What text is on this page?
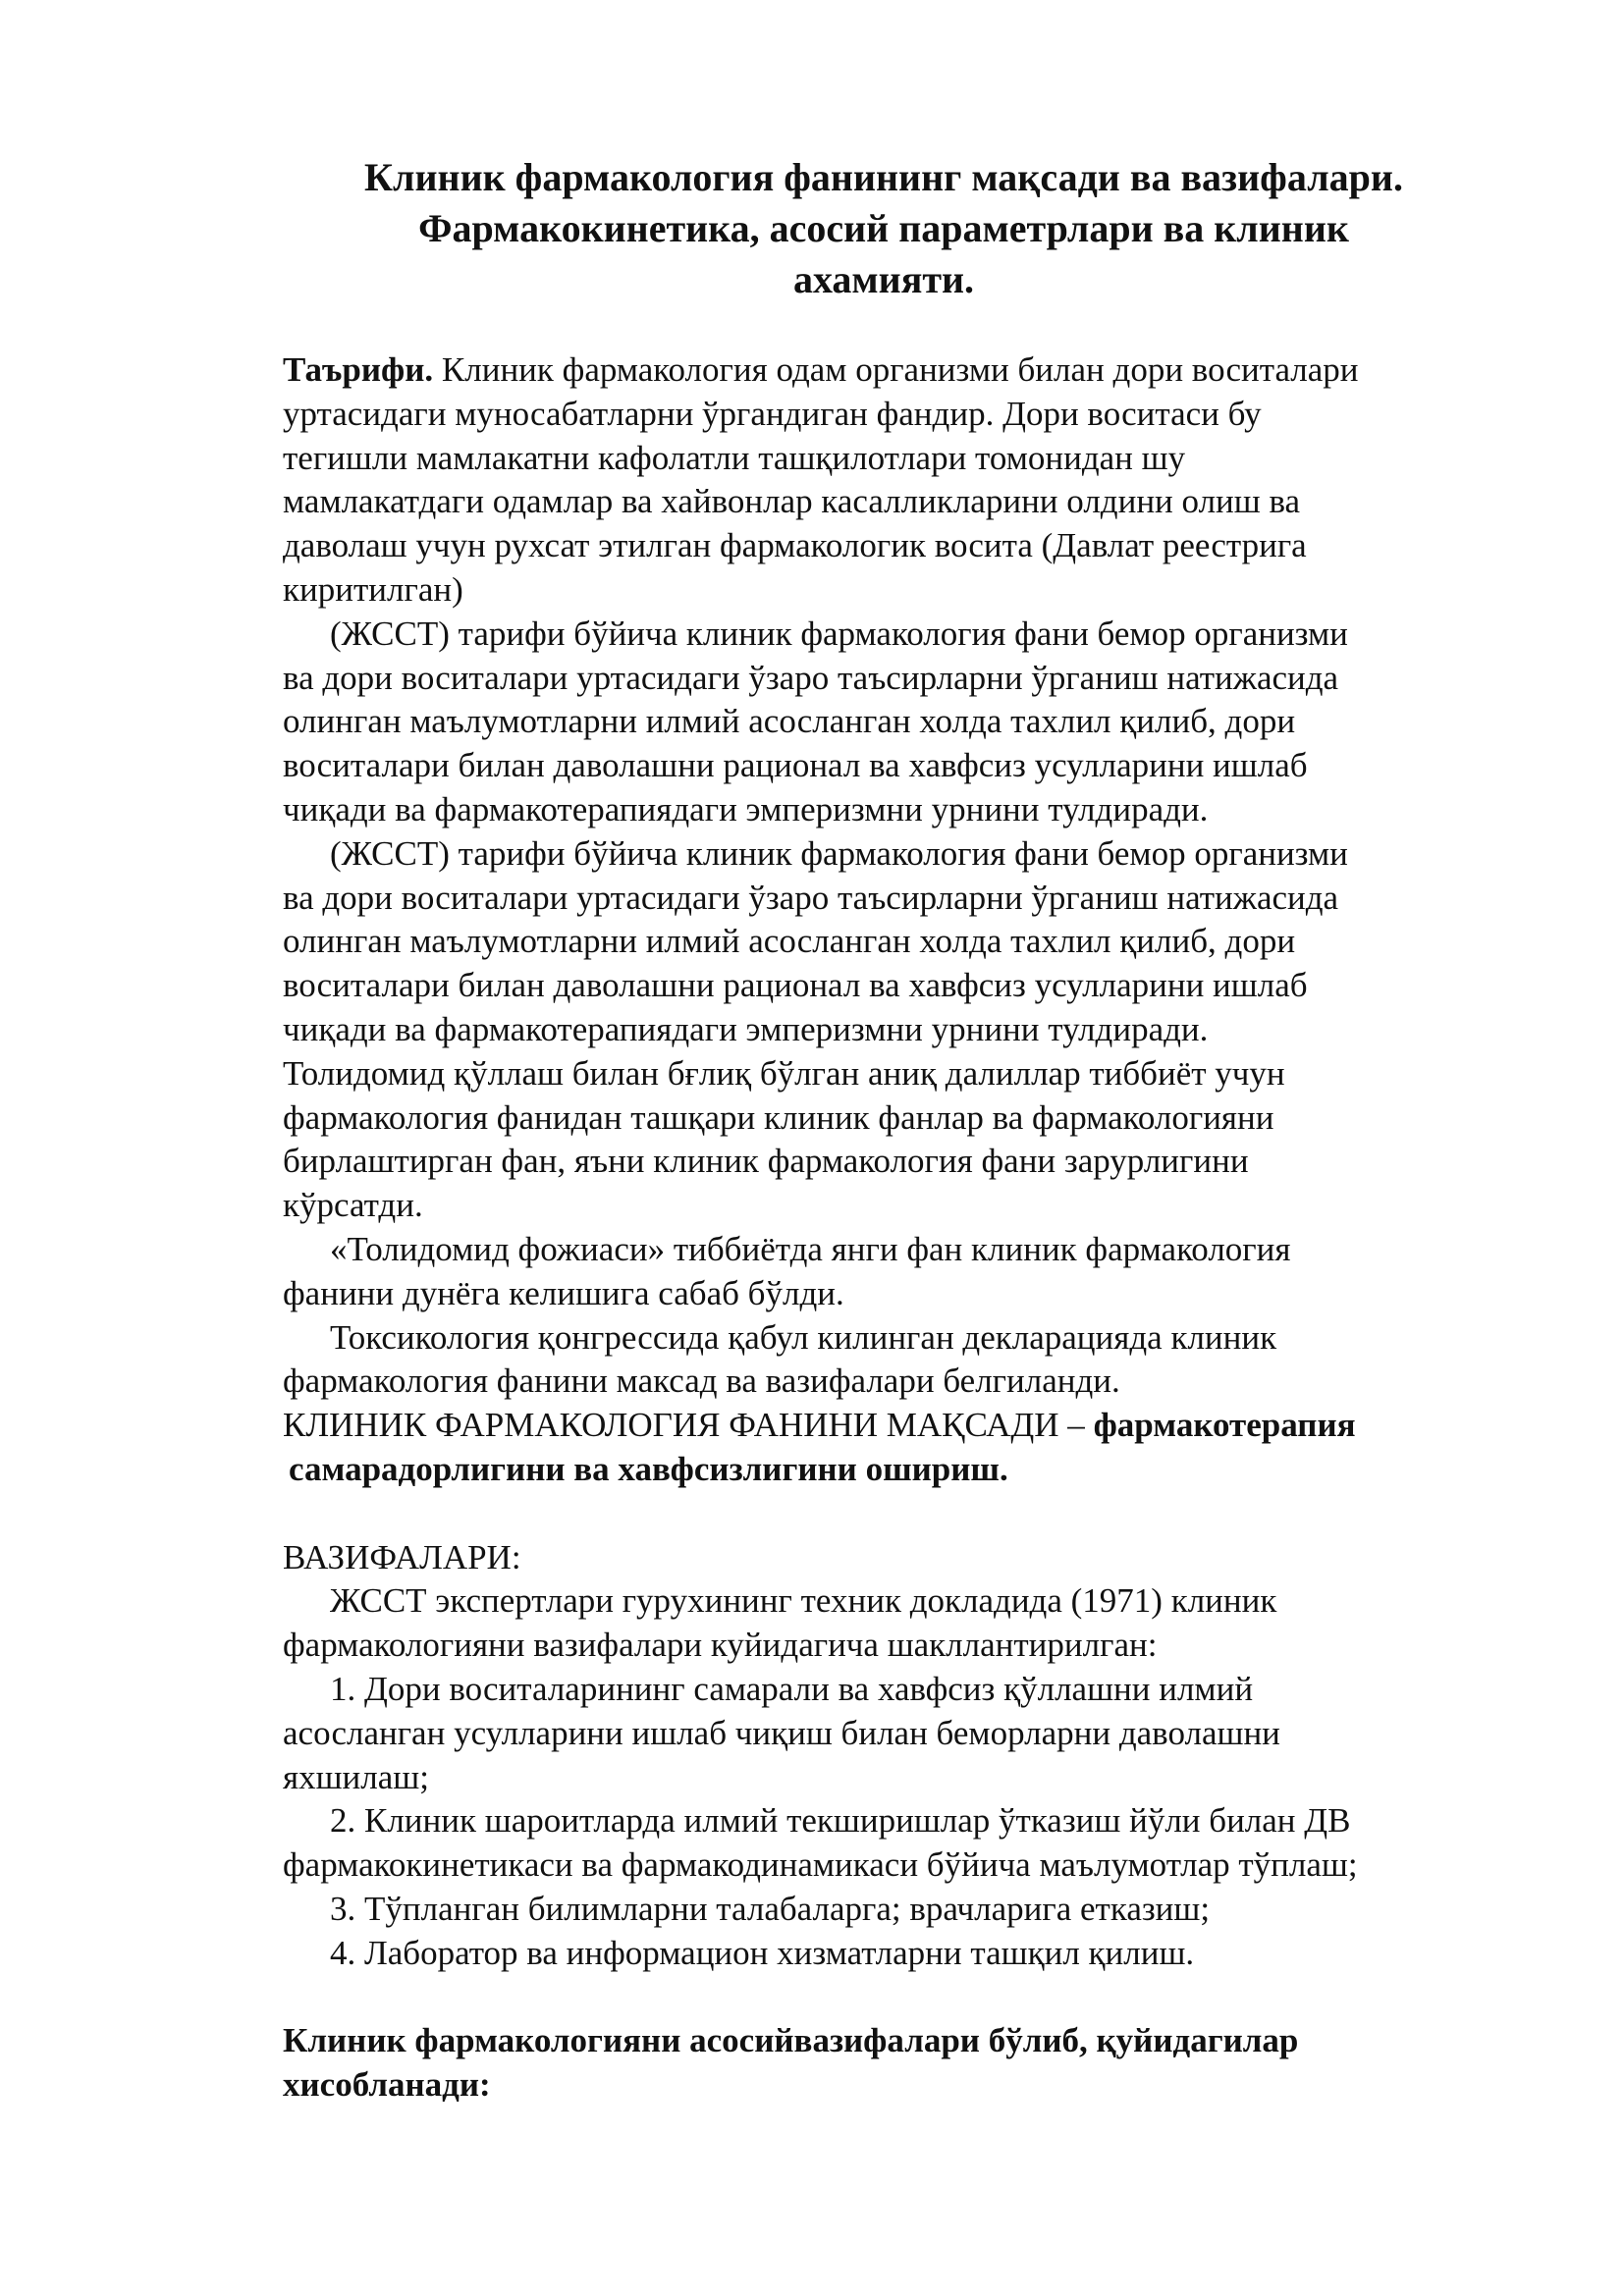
Клиник фармакология фанининг мақсади ва вазифалари.
Фармакокинетика, асосий параметрлари ва клиник
ахамияти.
Таърифи. Клиник фармакология одам организми билан дори воситалари
уртасидаги муносабатларни ўргандиган фандир. Дори воситаси бу
тегишли мамлакатни кафолатли ташқилотлари томонидан шу
мамлакатдаги одамлар ва хайвонлар касалликларини олдини олиш ва
даволаш учун рухсат этилган фармакологик восита (Давлат реестрига
киритилган)
(ЖССТ) тарифи бўйича клиник фармакология фани бемор организми
ва дори воситалари уртасидаги ўзаро таъсирларни ўрганиш натижасида
олинган маълумотларни илмий асосланган холда тахлил қилиб, дори
воситалари билан даволашни рационал ва хавфсиз усулларини ишлаб
чиқади ва фармакотерапиядаги эмперизмни урнини тулдиради.
(ЖССТ) тарифи бўйича клиник фармакология фани бемор организми
ва дори воситалари уртасидаги ўзаро таъсирларни ўрганиш натижасида
олинган маълумотларни илмий асосланган холда тахлил қилиб, дори
воситалари билан даволашни рационал ва хавфсиз усулларини ишлаб
чиқади ва фармакотерапиядаги эмперизмни урнини тулдиради.
Толидомид қўллаш билан бғлиқ бўлган аниқ далиллар тиббиёт учун
фармакология фанидан ташқари клиник фанлар ва фармакологияни
бирлаштирган фан, яъни клиник фармакология фани зарурлигини
кўрсатди.
«Толидомид фожиаси» тиббиётда янги фан клиник фармакология
фанини дунёга келишига сабаб бўлди.
Токсикология қонгрессида қабул килинган декларацияда клиник
фармакология фанини максад ва вазифалари белгиланди.
КЛИНИК ФАРМАКОЛОГИЯ ФАНИНИ МАҚСАДИ – фармакотерапия
самарадорлигини ва хавфсизлигини ошириш.
ВАЗИФАЛАРИ:
ЖССТ экспертлари гурухининг техник докладида (1971) клиник
фармакологияни вазифалари куйидагича шакллантирилган:
1. Дори воситаларининг самарали ва хавфсиз қўллашни илмий
асосланган усулларини ишлаб чиқиш билан беморларни даволашни
яхшилаш;
2. Клиник шароитларда илмий текширишлар ўтказиш йўли билан ДВ
фармакокинетикаси ва фармакодинамикаси бўйича маълумотлар тўплаш;
3. Тўпланган билимларни талабаларга; врачларига етказиш;
4. Лаборатор ва информацион хизматларни ташқил қилиш.
Клиник фармакологияни асосийвазифалари бўлиб, қуйидагилар
хисобланади:
